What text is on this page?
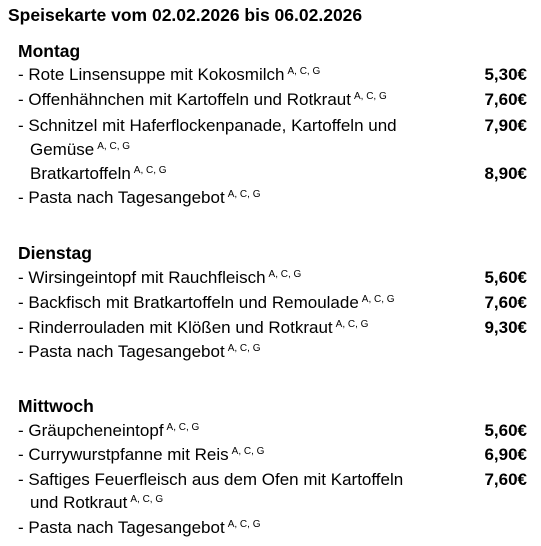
Speisekarte vom 02.02.2026 bis 06.02.2026
Montag
- Rote Linsensuppe mit Kokosmilch $^{A, C, G}$	5,30€
- Offenhähnchen mit Kartoffeln und Rotkraut $^{A, C, G}$	7,60€
- Schnitzel mit Haferflockenpanade, Kartoffeln und	7,90€
Gemüse $^{A, C, G}$
Bratkartoffeln $^{A, C, G}$	8,90€
- Pasta nach Tagesangebot $^{A, C, G}$
Dienstag
- Wirsingeintopf mit Rauchfleisch $^{A, C, G}$	5,60€
- Backfisch mit Bratkartoffeln und Remoulade $^{A, C, G}$	7,60€
- Rinderrouladen mit Klößen und Rotkraut $^{A, C, G}$	9,30€
- Pasta nach Tagesangebot $^{A, C, G}$
Mittwoch
- Gräupcheneintopf $^{A, C, G}$	5,60€
- Currywurstpfanne mit Reis $^{A, C, G}$	6,90€
- Saftiges Feuerfleisch aus dem Ofen mit Kartoffeln	7,60€
und Rotkraut $^{A, C, G}$
- Pasta nach Tagesangebot $^{A, C, G}$
